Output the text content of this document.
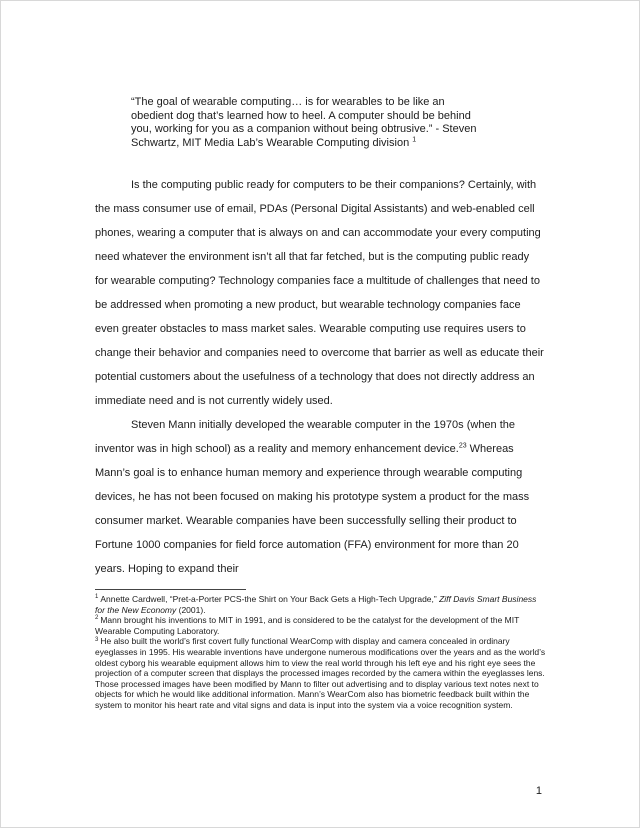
“The goal of wearable computing… is for wearables to be like an obedient dog that’s learned how to heel. A computer should be behind you, working for you as a companion without being obtrusive.” - Steven Schwartz, MIT Media Lab’s Wearable Computing division $^1$

Is the computing public ready for computers to be their companions? Certainly, with the mass consumer use of email, PDAs (Personal Digital Assistants) and web-enabled cell phones, wearing a computer that is always on and can accommodate your every computing need whatever the environment isn’t all that far fetched, but is the computing public ready for wearable computing? Technology companies face a multitude of challenges that need to be addressed when promoting a new product, but wearable technology companies face even greater obstacles to mass market sales. Wearable computing use requires users to change their behavior and companies need to overcome that barrier as well as educate their potential customers about the usefulness of a technology that does not directly address an immediate need and is not currently widely used.

Steven Mann initially developed the wearable computer in the 1970s (when the inventor was in high school) as a reality and memory enhancement device.$^{23}$ Whereas Mann’s goal is to enhance human memory and experience through wearable computing devices, he has not been focused on making his prototype system a product for the mass consumer market. Wearable companies have been successfully selling their product to Fortune 1000 companies for field force automation (FFA) environment for more than 20 years. Hoping to expand their

$^1$ Annette Cardwell, “Pret-a-Porter PCS-the Shirt on Your Back Gets a High-Tech Upgrade,” Ziff Davis Smart Business for the New Economy (2001).
$^2$ Mann brought his inventions to MIT in 1991, and is considered to be the catalyst for the development of the MIT Wearable Computing Laboratory.
$^3$ He also built the world’s first covert fully functional WearComp with display and camera concealed in ordinary eyeglasses in 1995. His wearable inventions have undergone numerous modifications over the years and as the world’s oldest cyborg his wearable equipment allows him to view the real world through his left eye and his right eye sees the projection of a computer screen that displays the processed images recorded by the camera within the eyeglasses lens. Those processed images have been modified by Mann to filter out advertising and to display various text notes next to objects for which he would like additional information. Mann’s WearCom also has biometric feedback built within the system to monitor his heart rate and vital signs and data is input into the system via a voice recognition system.
1
